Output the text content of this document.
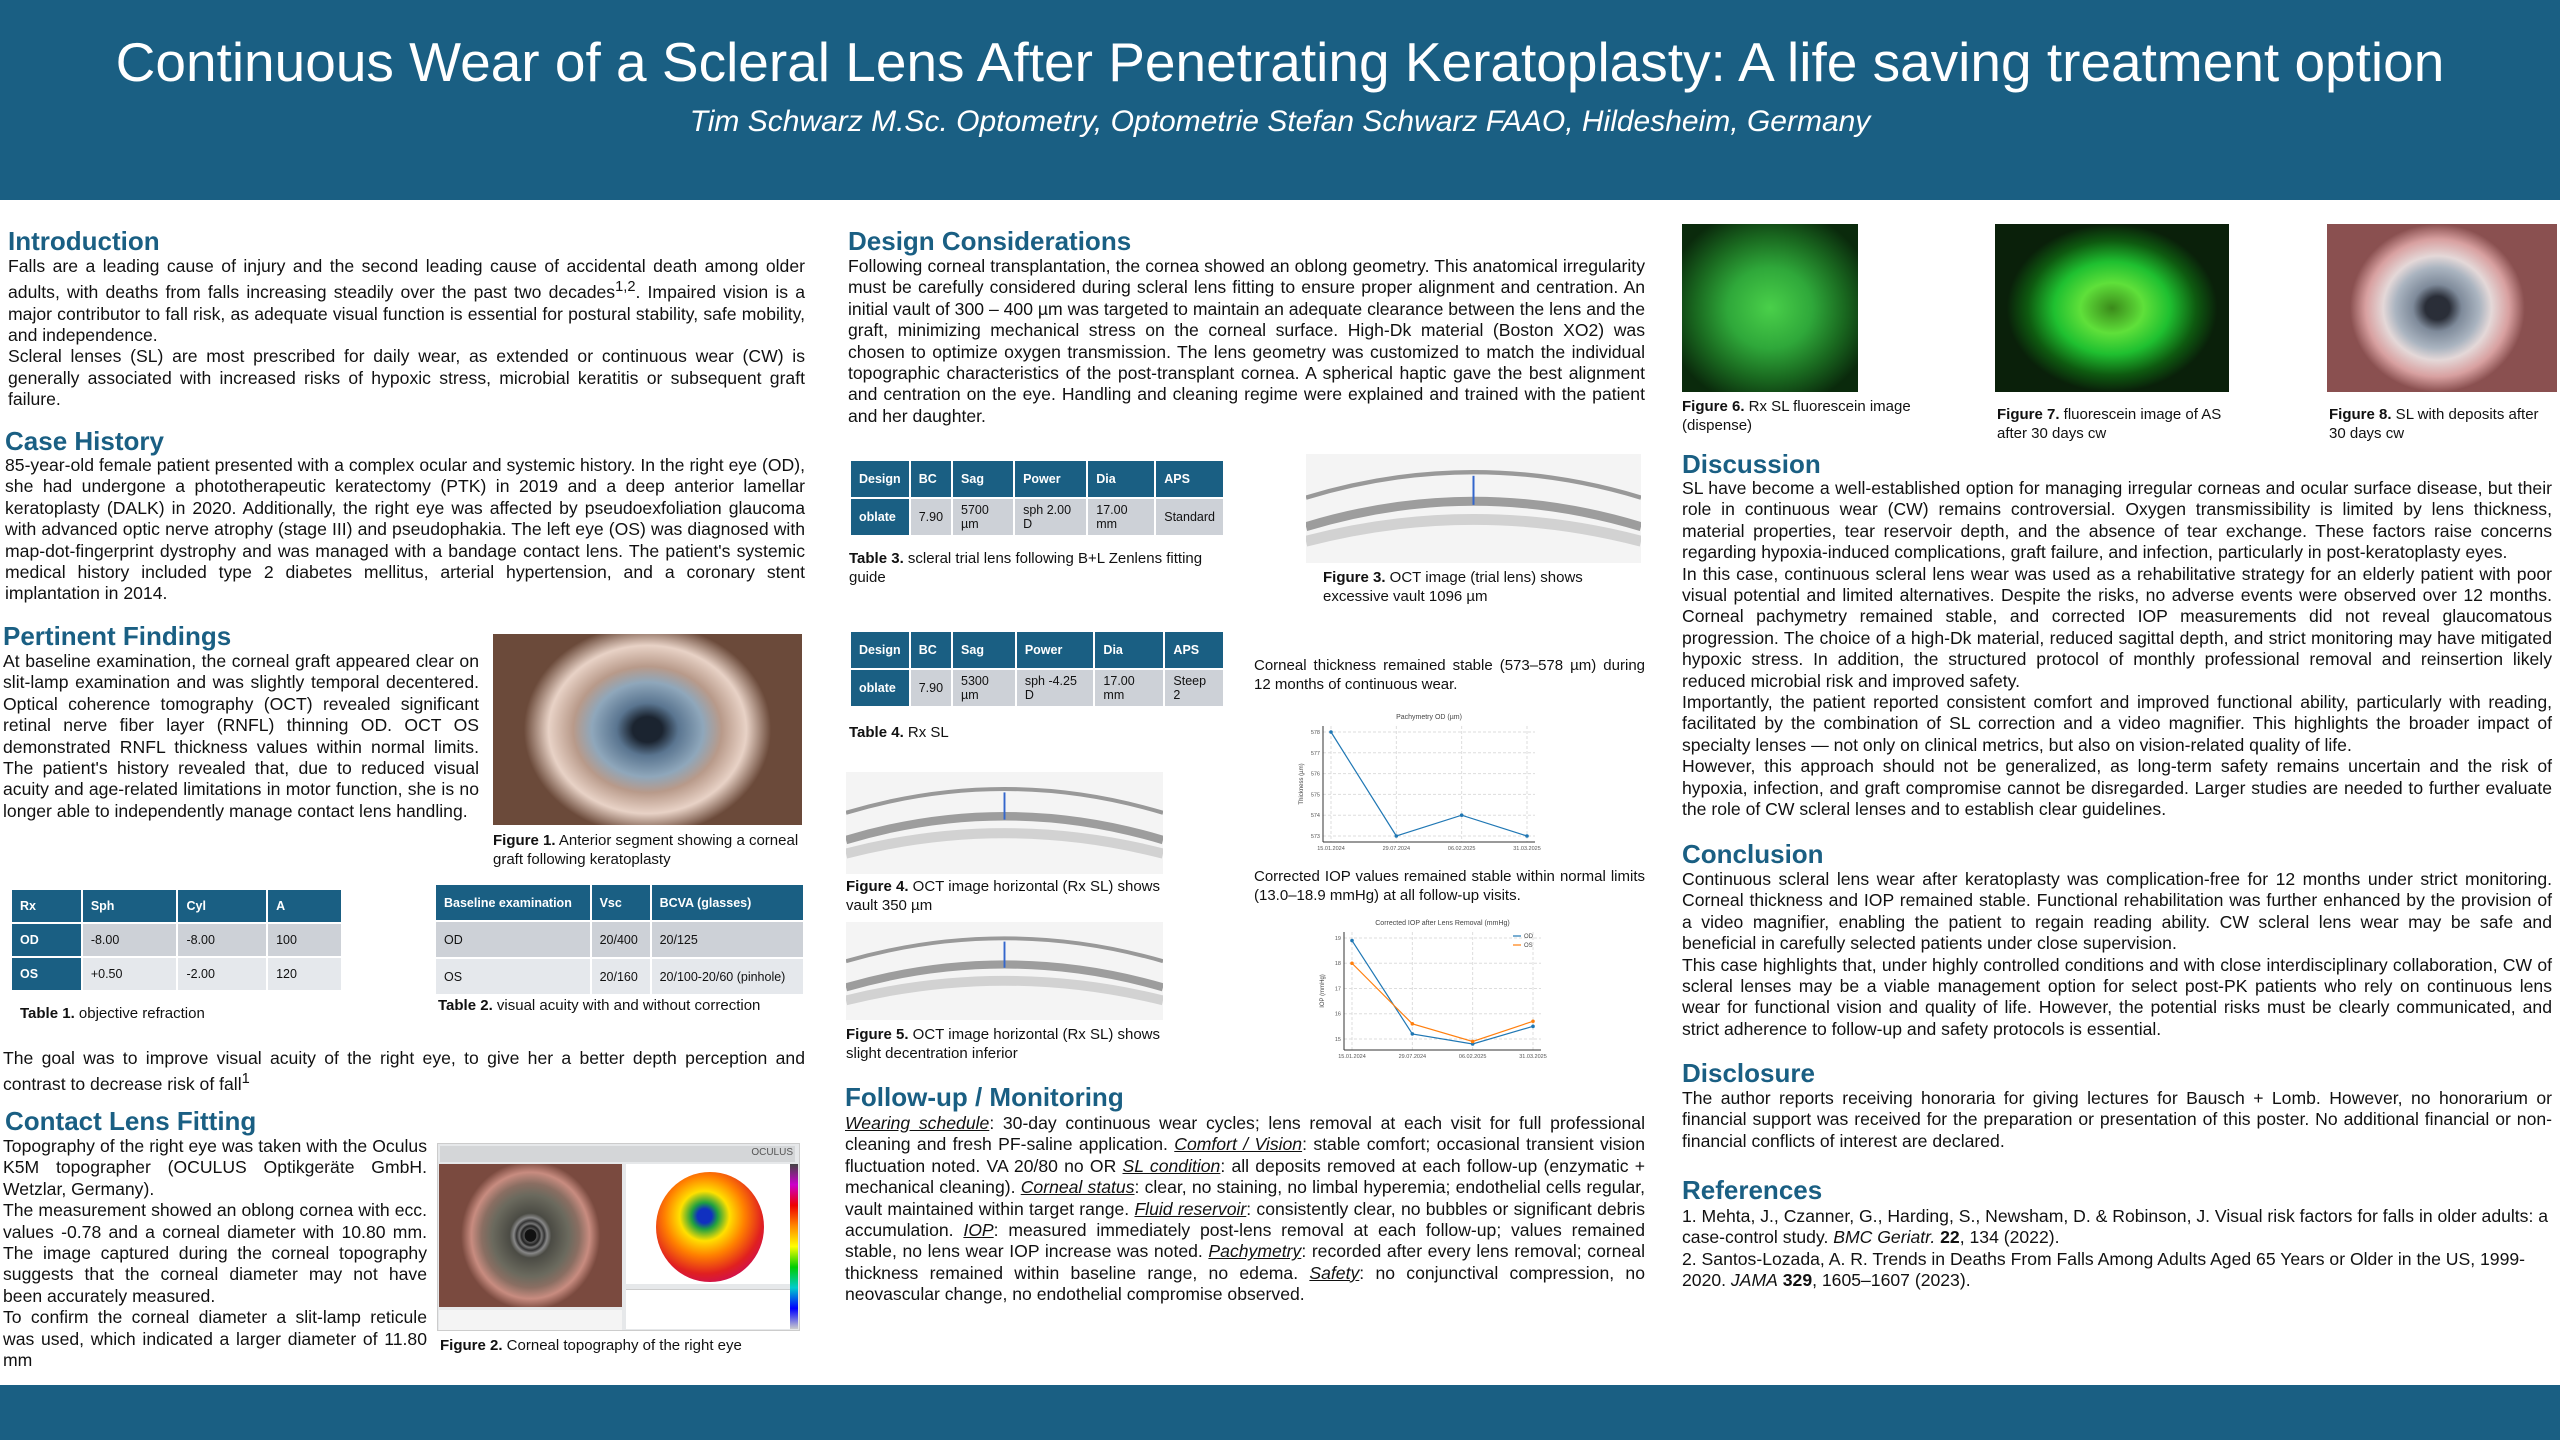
Continuous Wear of a Scleral Lens After Penetrating Keratoplasty: A life saving treatment option
Tim Schwarz M.Sc. Optometry, Optometrie Stefan Schwarz FAAO, Hildesheim, Germany
Introduction

Falls are a leading cause of injury and the second leading cause of accidental death among older adults, with deaths from falls increasing steadily over the past two decades$^{1,2}$. Impaired vision is a major contributor to fall risk, as adequate visual function is essential for postural stability, safe mobility, and independence.

Scleral lenses (SL) are most prescribed for daily wear, as extended or continuous wear (CW) is generally associated with increased risks of hypoxic stress, microbial keratitis or subsequent graft failure.

Case History
85-year-old female patient presented with a complex ocular and systemic history. In the right eye (OD), she had undergone a phototherapeutic keratectomy (PTK) in 2019 and a deep anterior lamellar keratoplasty (DALK) in 2020. Additionally, the right eye was affected by pseudoexfoliation glaucoma with advanced optic nerve atrophy (stage III) and pseudophakia. The left eye (OS) was diagnosed with map-dot-fingerprint dystrophy and was managed with a bandage contact lens. The patient's systemic medical history included type 2 diabetes mellitus, arterial hypertension, and a coronary stent implantation in 2014.
Pertinent Findings
At baseline examination, the corneal graft appeared clear on slit-lamp examination and was slightly temporal decentered. Optical coherence tomography (OCT) revealed significant retinal nerve fiber layer (RNFL) thinning OD. OCT OS demonstrated RNFL thickness values within normal limits. The patient's history revealed that, due to reduced visual acuity and age-related limitations in motor function, she is no longer able to independently manage contact lens handling.
Figure 1. Anterior segment showing a corneal graft following keratoplasty
Rx	Sph	Cyl	A
OD	-8.00	-8.00	100
OS	+0.50	-2.00	120
Table 1. objective refraction
Baseline examination	Vsc	BCVA (glasses)
OD	20/400	20/125
OS	20/160	20/100-20/60 (pinhole)
Table 2. visual acuity with and without correction
The goal was to improve visual acuity of the right eye, to give her a better depth perception and contrast to decrease risk of fall$^1$
Contact Lens Fitting

Topography of the right eye was taken with the Oculus K5M topographer (OCULUS Optikgeräte GmbH. Wetzlar, Germany).

The measurement showed an oblong cornea with ecc. values -0.78 and a corneal diameter with 10.80 mm. The image captured during the corneal topography suggests that the corneal diameter may not have been accurately measured.

To confirm the corneal diameter a slit-lamp reticule was used, which indicated a larger diameter of 11.80 mm

OCULUS
Figure 2. Corneal topography of the right eye
Design Considerations
Following corneal transplantation, the cornea showed an oblong geometry. This anatomical irregularity must be carefully considered during scleral lens fitting to ensure proper alignment and centration. An initial vault of 300 – 400 µm was targeted to maintain an adequate clearance between the lens and the graft, minimizing mechanical stress on the corneal surface. High-Dk material (Boston XO2) was chosen to optimize oxygen transmission. The lens geometry was customized to match the individual topographic characteristics of the post-transplant cornea. A spherical haptic gave the best alignment and centration on the eye. Handling and cleaning regime were explained and trained with the patient and her daughter.
Design	BC	Sag	Power	Dia	APS
oblate	7.90	5700 µm	sph 2.00 D	17.00 mm	Standard
Table 3. scleral trial lens following B+L Zenlens fitting guide
Design	BC	Sag	Power	Dia	APS
oblate	7.90	5300 µm	sph -4.25 D	17.00 mm	Steep 2
Table 4. Rx SL
Figure 3. OCT image (trial lens) shows excessive vault 1096 µm
Figure 4. OCT image horizontal (Rx SL) shows vault 350 µm
Figure 5. OCT image horizontal (Rx SL) shows slight decentration inferior
Corneal thickness remained stable (573–578 µm) during 12 months of continuous wear.
Pachymetry OD (µm)
Thickness (µm)
573
574
575
576
577
578
15.01.2024	29.07.2024	06.02.2025	31.03.2025
Corrected IOP values remained stable within normal limits (13.0–18.9 mmHg) at all follow-up visits.
Corrected IOP after Lens Removal (mmHg)
IOP (mmHg)
15
16
17
18
19
15.01.2024	29.07.2024	06.02.2025	31.03.2025
OD
OS
Follow-up / Monitoring
Wearing schedule: 30-day continuous wear cycles; lens removal at each visit for full professional cleaning and fresh PF-saline application. Comfort / Vision: stable comfort; occasional transient vision fluctuation noted. VA 20/80 no OR SL condition: all deposits removed at each follow-up (enzymatic + mechanical cleaning). Corneal status: clear, no staining, no limbal hyperemia; endothelial cells regular, vault maintained within target range. Fluid reservoir: consistently clear, no bubbles or significant debris accumulation. IOP: measured immediately post-lens removal at each follow-up; values remained stable, no lens wear IOP increase was noted. Pachymetry: recorded after every lens removal; corneal thickness remained within baseline range, no edema. Safety: no conjunctival compression, no neovascular change, no endothelial compromise observed.
Figure 6. Rx SL fluorescein image (dispense)
Figure 7. fluorescein image of AS after 30 days cw
Figure 8. SL with deposits after 30 days cw
Discussion

SL have become a well-established option for managing irregular corneas and ocular surface disease, but their role in continuous wear (CW) remains controversial. Oxygen transmissibility is limited by lens thickness, material properties, tear reservoir depth, and the absence of tear exchange. These factors raise concerns regarding hypoxia-induced complications, graft failure, and infection, particularly in post-keratoplasty eyes.

In this case, continuous scleral lens wear was used as a rehabilitative strategy for an elderly patient with poor visual potential and limited alternatives. Despite the risks, no adverse events were observed over 12 months. Corneal pachymetry remained stable, and corrected IOP measurements did not reveal glaucomatous progression. The choice of a high-Dk material, reduced sagittal depth, and strict monitoring may have mitigated hypoxic stress. In addition, the structured protocol of monthly professional removal and reinsertion likely reduced microbial risk and improved safety.

Importantly, the patient reported consistent comfort and improved functional ability, particularly with reading, facilitated by the combination of SL correction and a video magnifier. This highlights the broader impact of specialty lenses — not only on clinical metrics, but also on vision-related quality of life.

However, this approach should not be generalized, as long-term safety remains uncertain and the risk of hypoxia, infection, and graft compromise cannot be disregarded. Larger studies are needed to further evaluate the role of CW scleral lenses and to establish clear guidelines.

Conclusion

Continuous scleral lens wear after keratoplasty was complication-free for 12 months under strict monitoring. Corneal thickness and IOP remained stable. Functional rehabilitation was further enhanced by the provision of a video magnifier, enabling the patient to regain reading ability. CW scleral lens wear may be safe and beneficial in carefully selected patients under close supervision.

This case highlights that, under highly controlled conditions and with close interdisciplinary collaboration, CW of scleral lenses may be a viable management option for select post-PK patients who rely on continuous lens wear for functional vision and quality of life. However, the potential risks must be clearly communicated, and strict adherence to follow-up and safety protocols is essential.

Disclosure
The author reports receiving honoraria for giving lectures for Bausch + Lomb. However, no honorarium or financial support was received for the preparation or presentation of this poster. No additional financial or non-financial conflicts of interest are declared.
References

1. Mehta, J., Czanner, G., Harding, S., Newsham, D. & Robinson, J. Visual risk factors for falls in older adults: a case-control study. BMC Geriatr. 22, 134 (2022).

2. Santos-Lozada, A. R. Trends in Deaths From Falls Among Adults Aged 65 Years or Older in the US, 1999-2020. JAMA 329, 1605–1607 (2023).
